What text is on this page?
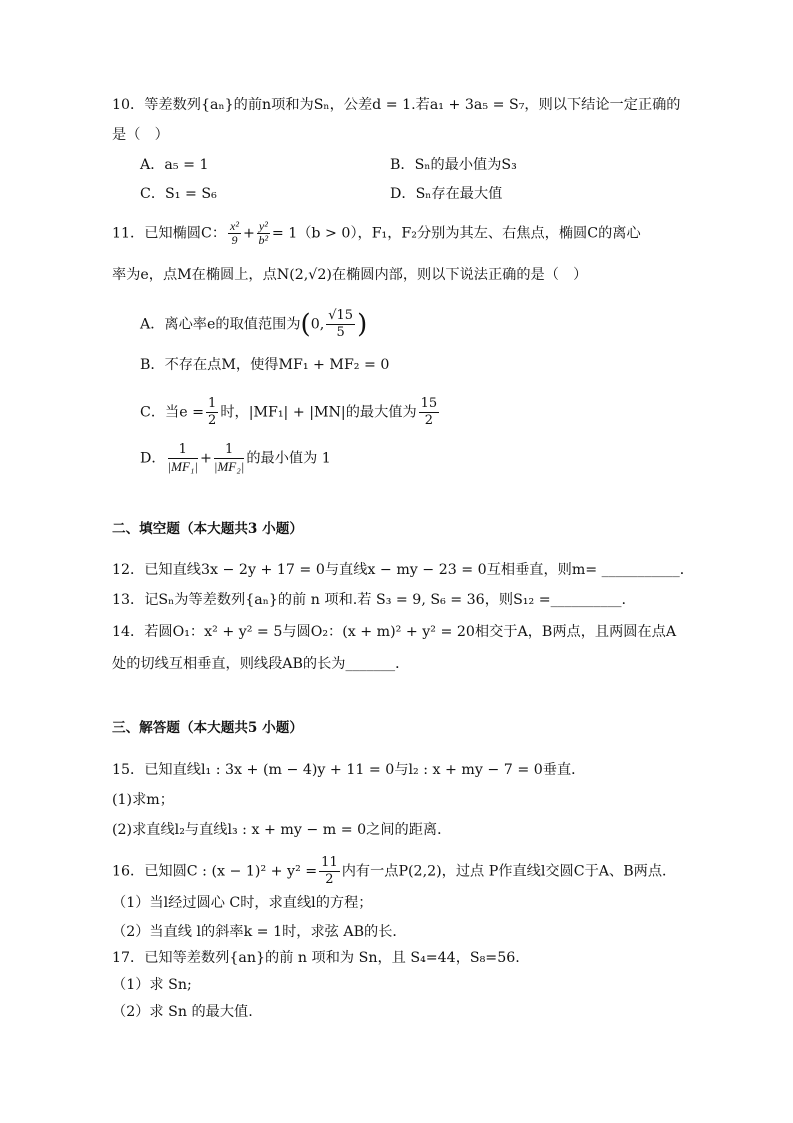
10．等差数列{aₙ}的前n项和为Sₙ，公差d = 1.若a₁ + 3a₅ = S₇，则以下结论一定正确的
是（　）
A．a₅ = 1	B．Sₙ的最小值为S₃
C．S₁ = S₆	D．Sₙ存在最大值
11．已知椭圆C： $\frac{\text{x²}}{9} + \frac{\text{y²}}{\text{b²}} = 1(b > 0)$，F₁，F₂分别为其左、右焦点，椭圆C的离心
率为e，点M在椭圆上，点N(2,√2)在椭圆内部，则以下说法正确的是（　）
A．离心率e的取值范围为(0, $\frac{√15}{5}$ )
B．不存在点M，使得MF₁ + MF₂ = 0
C．当$e = \frac{1}{2}$ 时，|MF₁| + |MN|的最大值为 $\frac{15}{2}$
D． $\frac{1}{\text{|MF₁|}} + \frac{1}{\text{|MF₂|}}$ 的最小值为 1
二、填空题（本大题共3 小题）
12．已知直线3x − 2y + 17 = 0与直线x − my − 23 = 0互相垂直，则m= ___________．
13．记Sₙ为等差数列{aₙ}的前 n 项和.若 S₃ = 9, S₆ = 36，则S₁₂ =__________.
14．若圆O₁：x² + y² = 5与圆O₂：(x + m)² + y² = 20相交于A，B两点，且两圆在点A
处的切线互相垂直，则线段AB的长为_______．
三、解答题（本大题共5 小题）
15．已知直线l₁ : 3x + (m − 4)y + 11 = 0与l₂ : x + my − 7 = 0垂直．
(1)求m；
(2)求直线l₂与直线l₃ : x + my − m = 0之间的距离．
16．已知圆C : $(x - 1)^2 + y^2 = \frac{11}{2}$ 内有一点P(2,2)，过点 P作直线l交圆C于A、B两点．
（1）当l经过圆心 C时，求直线l的方程；
（2）当直线 l的斜率k = 1时，求弦 AB的长．
17．已知等差数列{an}的前 n 项和为 Sn，且 S₄=44，S₈=56.
（1）求 Sn;
（2）求 Sn 的最大值.
